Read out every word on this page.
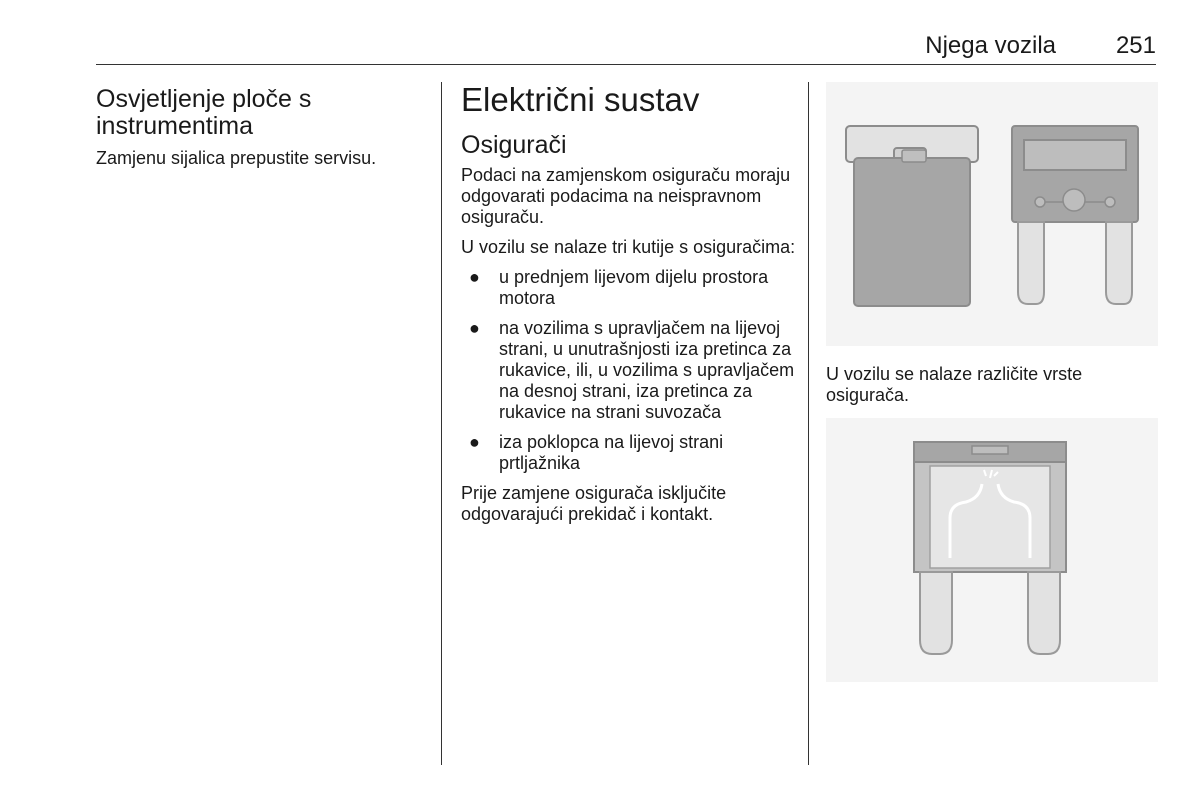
Njega vozila 251
Osvjetljenje ploče s instrumentima

Zamjenu sijalica prepustite servisu.

Električni sustav
Osigurači

Podaci na zamjenskom osiguraču moraju odgovarati podacima na neispravnom osiguraču.

U vozilu se nalaze tri kutije s osiguračima:

● u prednjem lijevom dijelu prostora motora
● na vozilima s upravljačem na lijevoj strani, u unutrašnjosti iza pretinca za rukavice, ili, u vozilima s upravljačem na desnoj strani, iza pretinca za rukavice na strani suvozača
● iza poklopca na lijevoj strani prtljažnika

Prije zamjene osigurača isključite odgovarajući prekidač i kontakt.

U vozilu se nalaze različite vrste osigurača.
